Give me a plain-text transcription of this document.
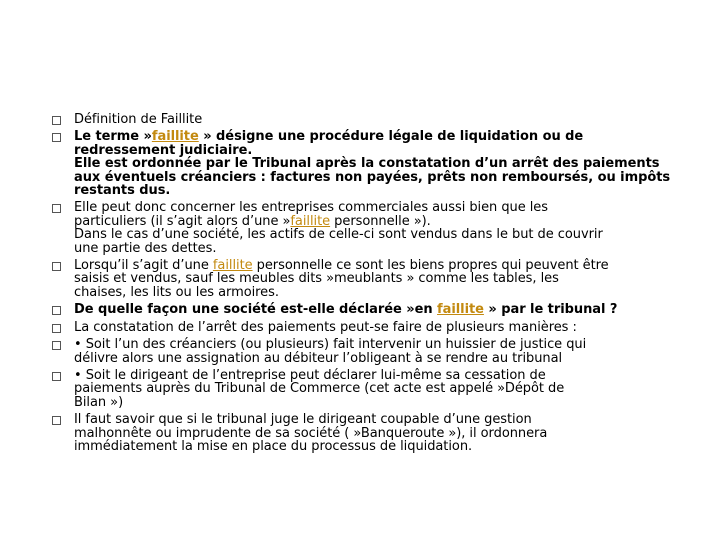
Définition de Faillite
Le terme »faillite » désigne une procédure légale de liquidation ou de
redressement judiciaire.
Elle est ordonnée par le Tribunal après la constatation d’un arrêt des paiements
aux éventuels créanciers : factures non payées, prêts non remboursés, ou impôts
restants dus.
Elle peut donc concerner les entreprises commerciales aussi bien que les
particuliers (il s’agit alors d’une »faillite personnelle »).
Dans le cas d’une société, les actifs de celle-ci sont vendus dans le but de couvrir
une partie des dettes.
Lorsqu’il s’agit d’une faillite personnelle ce sont les biens propres qui peuvent être
saisis et vendus, sauf les meubles dits »meublants » comme les tables, les
chaises, les lits ou les armoires.
De quelle façon une société est-elle déclarée »en faillite » par le tribunal ?
La constatation de l’arrêt des paiements peut-se faire de plusieurs manières :
• Soit l’un des créanciers (ou plusieurs) fait intervenir un huissier de justice qui
délivre alors une assignation au débiteur l’obligeant à se rendre au tribunal
• Soit le dirigeant de l’entreprise peut déclarer lui-même sa cessation de
paiements auprès du Tribunal de Commerce (cet acte est appelé »Dépôt de
Bilan »)
Il faut savoir que si le tribunal juge le dirigeant coupable d’une gestion
malhonnête ou imprudente de sa société ( »Banqueroute »), il ordonnera
immédiatement la mise en place du processus de liquidation.
